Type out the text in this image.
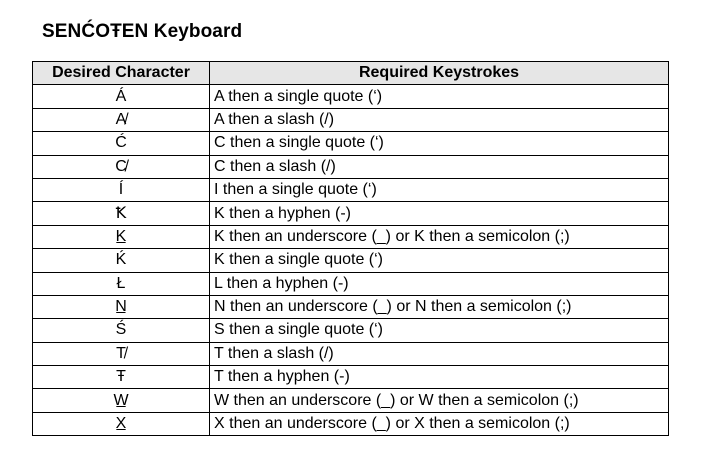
SENĆOŦEN Keyboard
Desired Character	Required Keystrokes
Á	A then a single quote (‘)
A̸	A then a slash (/)
Ć	C then a single quote (‘)
C̸	C then a slash (/)
Í	I then a single quote (‘)
Ꝁ	K then a hyphen (-)
K̲	K then an underscore (_) or K then a semicolon (;)
Ḱ	K then a single quote (‘)
Ł	L then a hyphen (-)
N̲	N then an underscore (_) or N then a semicolon (;)
Ś	S then a single quote (‘)
T̸	T then a slash (/)
Ŧ	T then a hyphen (-)
W̲	W then an underscore (_) or W then a semicolon (;)
X̲	X then an underscore (_) or X then a semicolon (;)
